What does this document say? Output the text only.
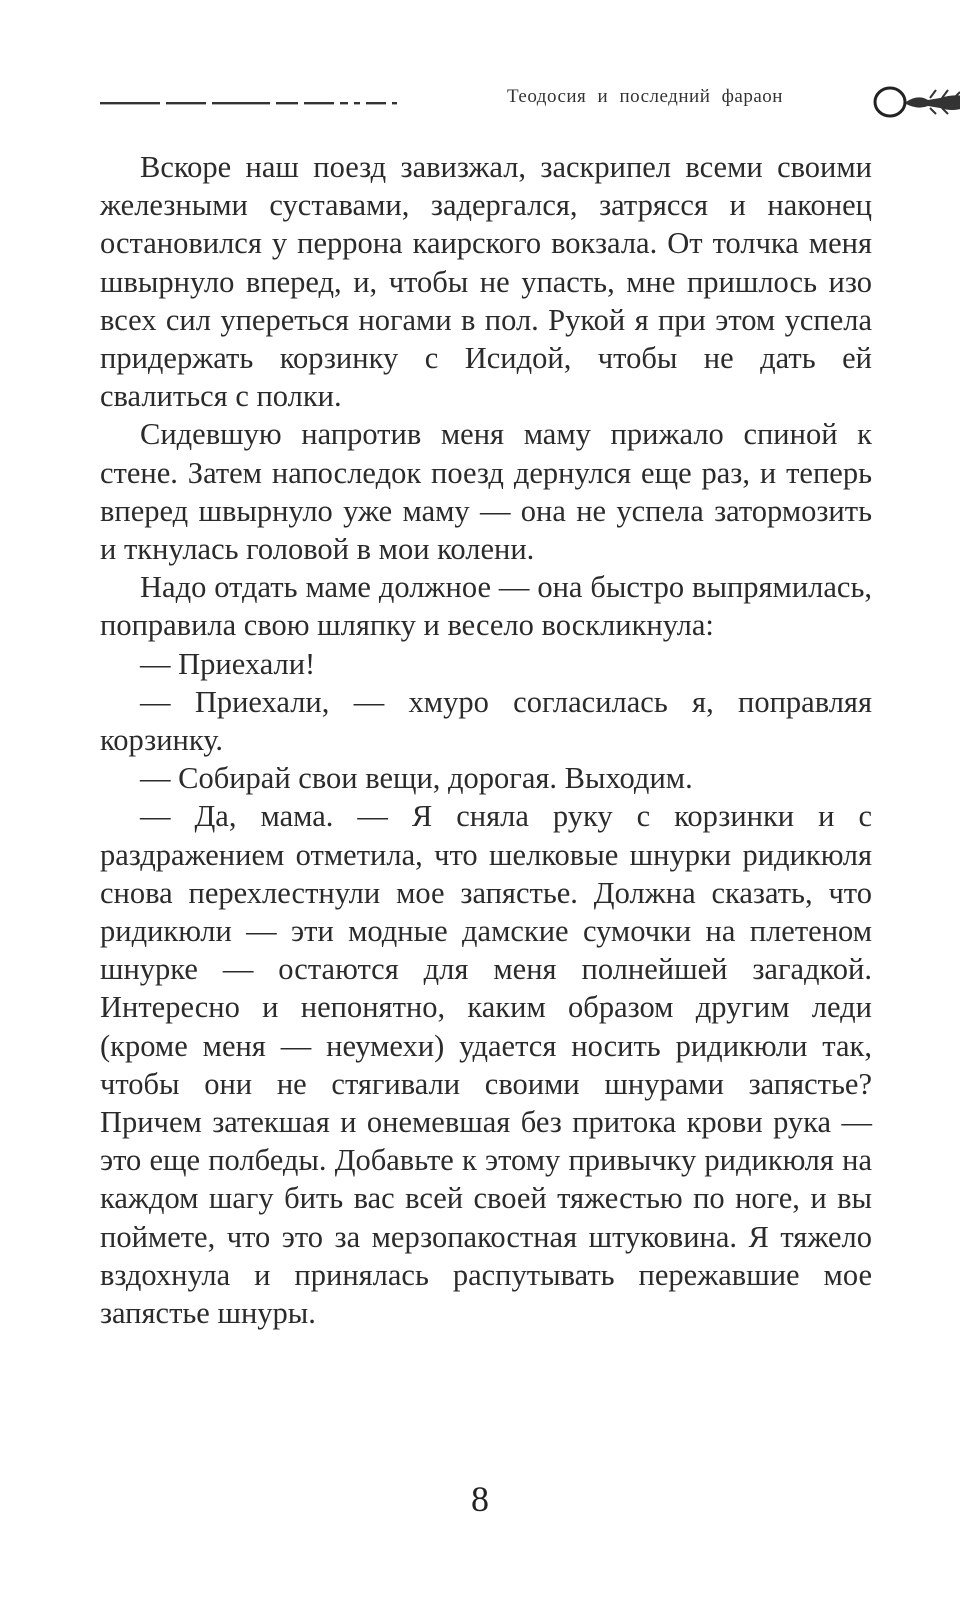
Теодосия и последний фараон

Вскоре наш поезд завизжал, заскрипел всеми своими железными суставами, задергался, затрясся и наконец остановился у перрона каирского вокзала. От толчка меня швырнуло вперед, и, чтобы не упасть, мне пришлось изо всех сил упереться ногами в пол. Рукой я при этом успела придержать корзинку с Исидой, чтобы не дать ей свалиться с полки.

Сидевшую напротив меня маму прижало спиной к стене. Затем напоследок поезд дернулся еще раз, и теперь вперед швырнуло уже маму — она не успела затормозить и ткнулась головой в мои колени.

Надо отдать маме должное — она быстро выпрямилась, поправила свою шляпку и весело воскликнула:

— Приехали!

— Приехали, — хмуро согласилась я, поправляя корзинку.

— Собирай свои вещи, дорогая. Выходим.

— Да, мама. — Я сняла руку с корзинки и с раздражением отметила, что шелковые шнурки ридикюля снова перехлестнули мое запястье. Должна сказать, что ридикюли — эти модные дамские сумочки на плетеном шнурке — остаются для меня полнейшей загадкой. Интересно и непонятно, каким образом другим леди (кроме меня — неумехи) удается носить ридикюли так, чтобы они не стягивали своими шнурами запястье? Причем затекшая и онемевшая без притока крови рука — это еще полбеды. Добавьте к этому привычку ридикюля на каждом шагу бить вас всей своей тяжестью по ноге, и вы поймете, что это за мерзопакостная штуковина. Я тяжело вздохнула и принялась распутывать пережавшие мое запястье шнуры.

8
